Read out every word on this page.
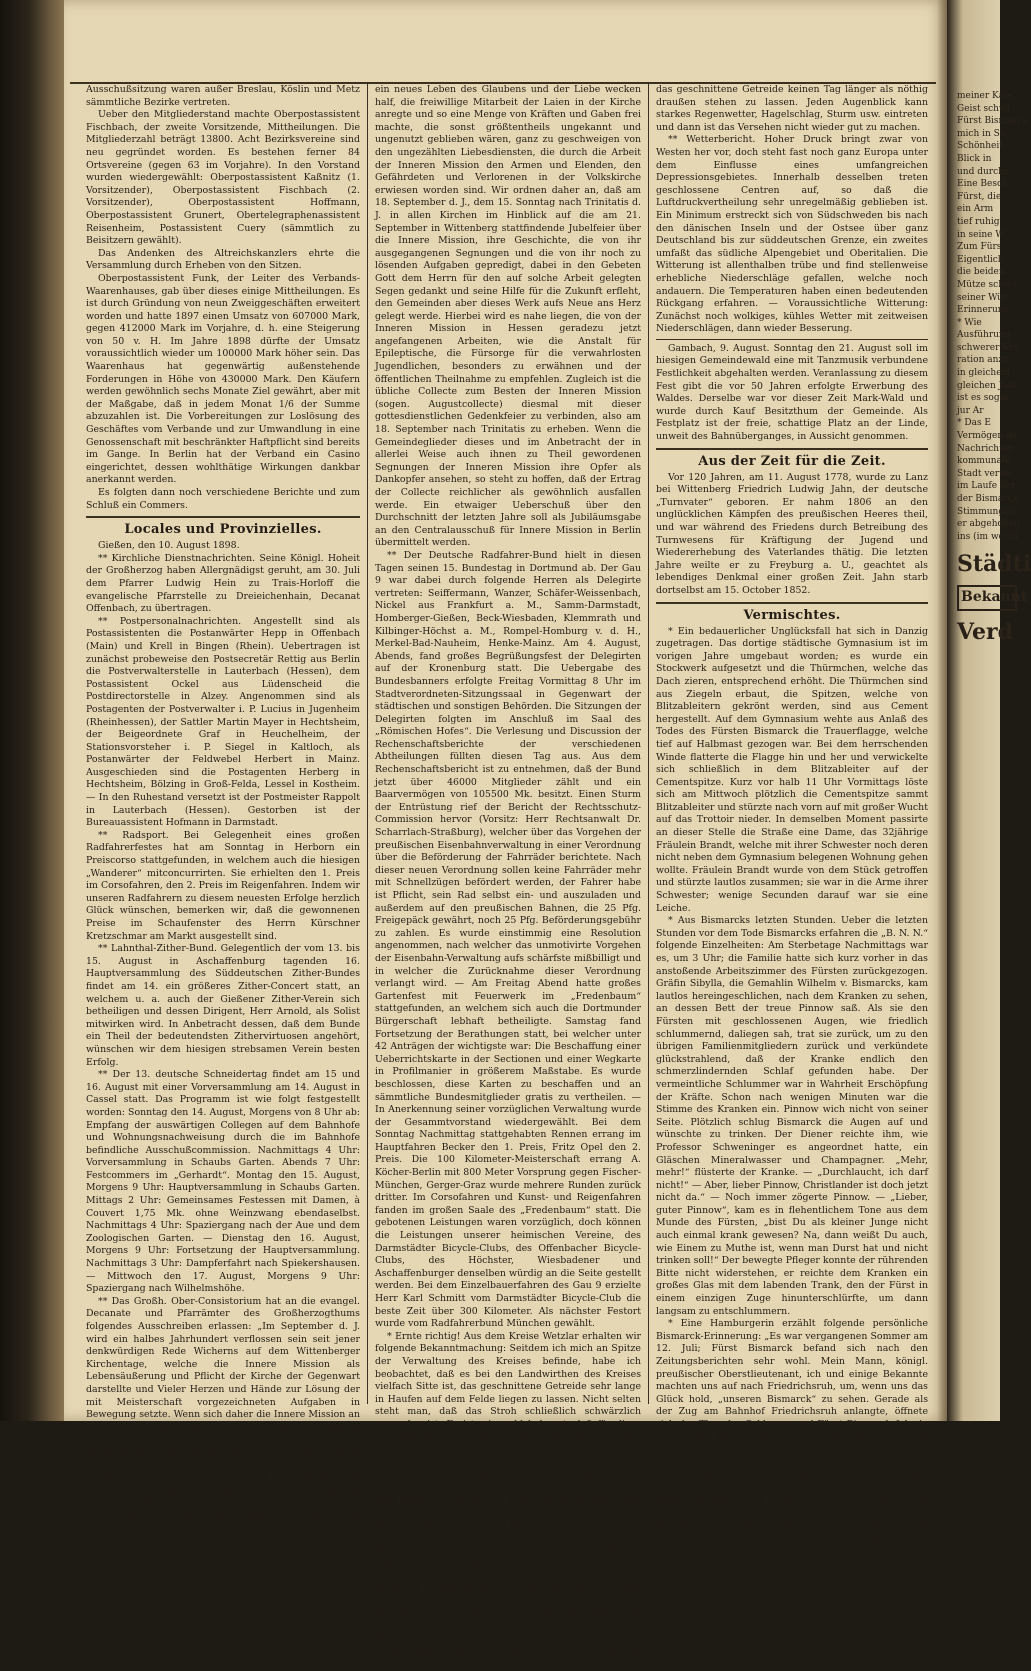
Ausschußsitzung waren außer Breslau, Köslin und Metz sämmtliche Bezirke vertreten.

Ueber den Mitgliederstand machte Oberpostassistent Fischbach, der zweite Vorsitzende, Mittheilungen. Die Mitgliederzahl beträgt 13800. Acht Bezirksvereine sind neu gegründet worden. Es bestehen ferner 84 Ortsvereine (gegen 63 im Vorjahre). In den Vorstand wurden wiedergewählt: Oberpostassistent Kaßnitz (1. Vorsitzender), Oberpostassistent Fischbach (2. Vorsitzender), Oberpostassistent Hoffmann, Oberpostassistent Grunert, Obertelegraphenassistent Reisenheim, Postassistent Cuery (sämmtlich zu Beisitzern gewählt).

Das Andenken des Altreichskanzlers ehrte die Versammlung durch Erheben von den Sitzen.

Oberpostassistent Funk, der Leiter des Verbands-Waarenhauses, gab über dieses einige Mittheilungen. Es ist durch Gründung von neun Zweiggeschäften erweitert worden und hatte 1897 einen Umsatz von 607000 Mark, gegen 412000 Mark im Vorjahre, d. h. eine Steigerung von 50 v. H. Im Jahre 1898 dürfte der Umsatz voraussichtlich wieder um 100000 Mark höher sein. Das Waarenhaus hat gegenwärtig außenstehende Forderungen in Höhe von 430000 Mark. Den Käufern werden gewöhnlich sechs Monate Ziel gewährt, aber mit der Maßgabe, daß in jedem Monat 1/6 der Summe abzuzahlen ist. Die Vorbereitungen zur Loslösung des Geschäftes vom Verbande und zur Umwandlung in eine Genossenschaft mit beschränkter Haftpflicht sind bereits im Gange. In Berlin hat der Verband ein Casino eingerichtet, dessen wohlthätige Wirkungen dankbar anerkannt werden.

Es folgten dann noch verschiedene Berichte und zum Schluß ein Commers.

Locales und Provinzielles.
Gießen, den 10. August 1898.

** Kirchliche Dienstnachrichten. Seine Königl. Hoheit der Großherzog haben Allergnädigst geruht, am 30. Juli dem Pfarrer Ludwig Hein zu Trais-Horloff die evangelische Pfarrstelle zu Dreieichenhain, Decanat Offenbach, zu übertragen.

** Postpersonalnachrichten. Angestellt sind als Postassistenten die Postanwärter Hepp in Offenbach (Main) und Krell in Bingen (Rhein). Uebertragen ist zunächst probeweise den Postsecretär Rettig aus Berlin die Postverwalterstelle in Lauterbach (Hessen), dem Postassistent Ockel aus Lüdenscheid die Postdirectorstelle in Alzey. Angenommen sind als Postagenten der Postverwalter i. P. Lucius in Jugenheim (Rheinhessen), der Sattler Martin Mayer in Hechtsheim, der Beigeordnete Graf in Heuchelheim, der Stationsvorsteher i. P. Siegel in Kaltloch, als Postanwärter der Feldwebel Herbert in Mainz. Ausgeschieden sind die Postagenten Herberg in Hechtsheim, Bölzing in Groß-Felda, Lessel in Kostheim. — In den Ruhestand versetzt ist der Postmeister Rappolt in Lauterbach (Hessen). Gestorben ist der Bureauassistent Hofmann in Darmstadt.

** Radsport. Bei Gelegenheit eines großen Radfahrerfestes hat am Sonntag in Herborn ein Preiscorso stattgefunden, in welchem auch die hiesigen „Wanderer“ mitconcurrirten. Sie erhielten den 1. Preis im Corsofahren, den 2. Preis im Reigenfahren. Indem wir unseren Radfahrern zu diesem neuesten Erfolge herzlich Glück wünschen, bemerken wir, daß die gewonnenen Preise im Schaufenster des Herrn Kürschner Kretzschmar am Markt ausgestellt sind.

** Lahnthal-Zither-Bund. Gelegentlich der vom 13. bis 15. August in Aschaffenburg tagenden 16. Hauptversammlung des Süddeutschen Zither-Bundes findet am 14. ein größeres Zither-Concert statt, an welchem u. a. auch der Gießener Zither-Verein sich betheiligen und dessen Dirigent, Herr Arnold, als Solist mitwirken wird. In Anbetracht dessen, daß dem Bunde ein Theil der bedeutendsten Zithervirtuosen angehört, wünschen wir dem hiesigen strebsamen Verein besten Erfolg.

** Der 13. deutsche Schneidertag findet am 15 und 16. August mit einer Vorversammlung am 14. August in Cassel statt. Das Programm ist wie folgt festgestellt worden: Sonntag den 14. August, Morgens von 8 Uhr ab: Empfang der auswärtigen Collegen auf dem Bahnhofe und Wohnungsnachweisung durch die im Bahnhofe befindliche Ausschußcommission. Nachmittags 4 Uhr: Vorversammlung in Schaubs Garten. Abends 7 Uhr: Festcommers im „Gerhardt“. Montag den 15. August, Morgens 9 Uhr: Hauptversammlung in Schaubs Garten. Mittags 2 Uhr: Gemeinsames Festessen mit Damen, à Couvert 1,75 Mk. ohne Weinzwang ebendaselbst. Nachmittags 4 Uhr: Spaziergang nach der Aue und dem Zoologischen Garten. — Dienstag den 16. August, Morgens 9 Uhr: Fortsetzung der Hauptversammlung. Nachmittags 3 Uhr: Dampferfahrt nach Spiekershausen. — Mittwoch den 17. August, Morgens 9 Uhr: Spaziergang nach Wilhelmshöhe.

** Das Großh. Ober-Consistorium hat an die evangel. Decanate und Pfarrämter des Großherzogthums folgendes Ausschreiben erlassen: „Im September d. J. wird ein halbes Jahrhundert verflossen sein seit jener denkwürdigen Rede Wicherns auf dem Wittenberger Kirchentage, welche die Innere Mission als Lebensäußerung und Pflicht der Kirche der Gegenwart darstellte und Vieler Herzen und Hände zur Lösung der mit Meisterschaft vorgezeichneten Aufgaben in Bewegung setzte. Wenn sich daher die Innere Mission an diesem Gedenktag an ihre unter Gottes gnädigem Beistand und Segen seitdem immer mächtiger erfolgte Ausbreitung und Ausgestaltung anschickt, ihren Jubiläumstag am 21. September d. J. in Wittenberg zu begehen, so will es sich für die evangelischen Landeskirchen gleichfalls geziemen, dieses Tages in feierlicher Weise zu gedenken. Ihnen ist die Innere Mission unstreitig zum großen Segen geworden, indem sie

ein neues Leben des Glaubens und der Liebe wecken half, die freiwillige Mitarbeit der Laien in der Kirche anregte und so eine Menge von Kräften und Gaben frei machte, die sonst größtentheils ungekannt und ungenutzt geblieben wären, ganz zu geschweigen von den ungezählten Liebesdiensten, die durch die Arbeit der Inneren Mission den Armen und Elenden, den Gefährdeten und Verlorenen in der Volkskirche erwiesen worden sind. Wir ordnen daher an, daß am 18. September d. J., dem 15. Sonntag nach Trinitatis d. J. in allen Kirchen im Hinblick auf die am 21. September in Wittenberg stattfindende Jubelfeier über die Innere Mission, ihre Geschichte, die von ihr ausgegangenen Segnungen und die von ihr noch zu lösenden Aufgaben gepredigt, dabei in den Gebeten Gott dem Herrn für den auf solche Arbeit gelegten Segen gedankt und seine Hilfe für die Zukunft erfleht, den Gemeinden aber dieses Werk aufs Neue ans Herz gelegt werde. Hierbei wird es nahe liegen, die von der Inneren Mission in Hessen geradezu jetzt angefangenen Arbeiten, wie die Anstalt für Epileptische, die Fürsorge für die verwahrlosten Jugendlichen, besonders zu erwähnen und der öffentlichen Theilnahme zu empfehlen. Zugleich ist die übliche Collecte zum Besten der Inneren Mission (sogen. Augustcollecte) diesmal mit dieser gottesdienstlichen Gedenkfeier zu verbinden, also am 18. September nach Trinitatis zu erheben. Wenn die Gemeindeglieder dieses und im Anbetracht der in allerlei Weise auch ihnen zu Theil gewordenen Segnungen der Inneren Mission ihre Opfer als Dankopfer ansehen, so steht zu hoffen, daß der Ertrag der Collecte reichlicher als gewöhnlich ausfallen werde. Ein etwaiger Ueberschuß über den Durchschnitt der letzten Jahre soll als Jubiläumsgabe an den Centralausschuß für Innere Mission in Berlin übermittelt werden.

** Der Deutsche Radfahrer-Bund hielt in diesen Tagen seinen 15. Bundestag in Dortmund ab. Der Gau 9 war dabei durch folgende Herren als Delegirte vertreten: Seiffermann, Wanzer, Schäfer-Weissenbach, Nickel aus Frankfurt a. M., Samm-Darmstadt, Homberger-Gießen, Beck-Wiesbaden, Klemmrath und Kilbinger-Höchst a. M., Rompel-Homburg v. d. H., Merkel-Bad-Nauheim, Henke-Mainz. Am 4. August, Abends, fand großes Begrüßungsfest der Delegirten auf der Kronenburg statt. Die Uebergabe des Bundesbanners erfolgte Freitag Vormittag 8 Uhr im Stadtverordneten-Sitzungssaal in Gegenwart der städtischen und sonstigen Behörden. Die Sitzungen der Delegirten folgten im Anschluß im Saal des „Römischen Hofes“. Die Verlesung und Discussion der Rechenschaftsberichte der verschiedenen Abtheilungen füllten diesen Tag aus. Aus dem Rechenschaftsbericht ist zu entnehmen, daß der Bund jetzt über 46000 Mitglieder zählt und ein Baarvermögen von 105500 Mk. besitzt. Einen Sturm der Entrüstung rief der Bericht der Rechtsschutz-Commission hervor (Vorsitz: Herr Rechtsanwalt Dr. Scharrlach-Straßburg), welcher über das Vorgehen der preußischen Eisenbahnverwaltung in einer Verordnung über die Beförderung der Fahrräder berichtete. Nach dieser neuen Verordnung sollen keine Fahrräder mehr mit Schnellzügen befördert werden, der Fahrer habe ist Pflicht, sein Rad selbst ein- und auszuladen und außerdem auf den preußischen Bahnen, die 25 Pfg. Freigepäck gewährt, noch 25 Pfg. Beförderungsgebühr zu zahlen. Es wurde einstimmig eine Resolution angenommen, nach welcher das unmotivirte Vorgehen der Eisenbahn-Verwaltung aufs schärfste mißbilligt und in welcher die Zurücknahme dieser Verordnung verlangt wird. — Am Freitag Abend hatte großes Gartenfest mit Feuerwerk im „Fredenbaum“ stattgefunden, an welchem sich auch die Dortmunder Bürgerschaft lebhaft betheiligte. Samstag fand Fortsetzung der Berathungen statt, bei welcher unter 42 Anträgen der wichtigste war: Die Beschaffung einer Ueberrichtskarte in der Sectionen und einer Wegkarte in Profilmanier in größerem Maßstabe. Es wurde beschlossen, diese Karten zu beschaffen und an sämmtliche Bundesmitglieder gratis zu vertheilen. — In Anerkennung seiner vorzüglichen Verwaltung wurde der Gesammtvorstand wiedergewählt. Bei dem Sonntag Nachmittag stattgehabten Rennen errang im Hauptfahren Becker den 1. Preis, Fritz Opel den 2. Preis. Die 100 Kilometer-Meisterschaft errang A. Köcher-Berlin mit 800 Meter Vorsprung gegen Fischer-München, Gerger-Graz wurde mehrere Runden zurück dritter. Im Corsofahren und Kunst- und Reigenfahren fanden im großen Saale des „Fredenbaum“ statt. Die gebotenen Leistungen waren vorzüglich, doch können die Leistungen unserer heimischen Vereine, des Darmstädter Bicycle-Clubs, des Offenbacher Bicycle-Clubs, des Höchster, Wiesbadener und Aschaffenburger denselben würdig an die Seite gestellt werden. Bei dem Einzelbauerfahren des Gau 9 erzielte Herr Karl Schmitt vom Darmstädter Bicycle-Club die beste Zeit über 300 Kilometer. Als nächster Festort wurde vom Radfahrerbund München gewählt.

* Ernte richtig! Aus dem Kreise Wetzlar erhalten wir folgende Bekanntmachung: Seitdem ich mich an Spitze der Verwaltung des Kreises befinde, habe ich beobachtet, daß es bei den Landwirthen des Kreises vielfach Sitte ist, das geschnittene Getreide sehr lange in Haufen auf dem Felde liegen zu lassen. Nicht selten steht man, daß das Stroh schließlich schwärzlich geworden ist. Es ist mir wohl bekannt, daß für diese Gewohnheit verschiedene Gründe angeführt werden, die aber meist ganz und gar nicht stichhaltig sind. Denn es kann keinem Zweifel unterliegen, daß das Stroh durch dieses Stehenlassen sehr entwerthet wird; es werden aus ihm zu viel Futterstoffe durch Sonne und Regen ausgelaugt, daß der Nährwerth bedeutend herabsinkt. Nicht geringer ist der Schaden an den Körnern. Schon vor der Einerntung und bei dieser selbst fallen die Körner in großer Anzahl aus. Besonders schlimm ist dies, wenn eine anhaltende Regenzeit eintritt, davon zu schweigen, daß die Körner dann auch zu keimen beginnen. Der angebliche Vortheil, daß das Ausdreschen des Getreides nach dem langen Stehen leichter sei, kann gegenüber jenem Schaden doch gar nicht ins Gewicht fallen. Indem ich darauf hinweise, daß in anderen Gegenden mit kleinbäuerlicher Bevölkerung der hiesige Gebrauch längst abgeschafft ist, lege ich jedem Landwirth dringend ans Herz,

das geschnittene Getreide keinen Tag länger als nöthig draußen stehen zu lassen. Jeden Augenblick kann starkes Regenwetter, Hagelschlag, Sturm usw. eintreten und dann ist das Versehen nicht wieder gut zu machen.

** Wetterbericht. Hoher Druck bringt zwar von Westen her vor, doch steht fast noch ganz Europa unter dem Einflusse eines umfangreichen Depressionsgebietes. Innerhalb desselben treten geschlossene Centren auf, so daß die Luftdruckvertheilung sehr unregelmäßig geblieben ist. Ein Minimum erstreckt sich von Südschweden bis nach den dänischen Inseln und der Ostsee über ganz Deutschland bis zur süddeutschen Grenze, ein zweites umfaßt das südliche Alpengebiet und Oberitalien. Die Witterung ist allenthalben trübe und find stellenweise erhebliche Niederschläge gefallen, welche noch andauern. Die Temperaturen haben einen bedeutenden Rückgang erfahren. — Voraussichtliche Witterung: Zunächst noch wolkiges, kühles Wetter mit zeitweisen Niederschlägen, dann wieder Besserung.

Gambach, 9. August. Sonntag den 21. August soll im hiesigen Gemeindewald eine mit Tanzmusik verbundene Festlichkeit abgehalten werden. Veranlassung zu diesem Fest gibt die vor 50 Jahren erfolgte Erwerbung des Waldes. Derselbe war vor dieser Zeit Mark-Wald und wurde durch Kauf Besitzthum der Gemeinde. Als Festplatz ist der freie, schattige Platz an der Linde, unweit des Bahnüberganges, in Aussicht genommen.

Aus der Zeit für die Zeit.

Vor 120 Jahren, am 11. August 1778, wurde zu Lanz bei Wittenberg Friedrich Ludwig Jahn, der deutsche „Turnvater“ geboren. Er nahm 1806 an den unglücklichen Kämpfen des preußischen Heeres theil, und war während des Friedens durch Betreibung des Turnwesens für Kräftigung der Jugend und Wiedererhebung des Vaterlandes thätig. Die letzten Jahre weilte er zu Freyburg a. U., geachtet als lebendiges Denkmal einer großen Zeit. Jahn starb dortselbst am 15. October 1852.

Vermischtes.

* Ein bedauerlicher Unglücksfall hat sich in Danzig zugetragen. Das dortige städtische Gymnasium ist im vorigen Jahre umgebaut worden; es wurde ein Stockwerk aufgesetzt und die Thürmchen, welche das Dach zieren, entsprechend erhöht. Die Thürmchen sind aus Ziegeln erbaut, die Spitzen, welche von Blitzableitern gekrönt werden, sind aus Cement hergestellt. Auf dem Gymnasium wehte aus Anlaß des Todes des Fürsten Bismarck die Trauerflagge, welche tief auf Halbmast gezogen war. Bei dem herrschenden Winde flatterte die Flagge hin und her und verwickelte sich schließlich in dem Blitzableiter auf der Cementspitze. Kurz vor halb 11 Uhr Vormittags löste sich am Mittwoch plötzlich die Cementspitze sammt Blitzableiter und stürzte nach vorn auf mit großer Wucht auf das Trottoir nieder. In demselben Moment passirte an dieser Stelle die Straße eine Dame, das 32jährige Fräulein Brandt, welche mit ihrer Schwester noch deren nicht neben dem Gymnasium belegenen Wohnung gehen wollte. Fräulein Brandt wurde von dem Stück getroffen und stürzte lautlos zusammen; sie war in die Arme ihrer Schwester; wenige Secunden darauf war sie eine Leiche.

* Aus Bismarcks letzten Stunden. Ueber die letzten Stunden vor dem Tode Bismarcks erfahren die „B. N. N.“ folgende Einzelheiten: Am Sterbetage Nachmittags war es, um 3 Uhr; die Familie hatte sich kurz vorher in das anstoßende Arbeitszimmer des Fürsten zurückgezogen. Gräfin Sibylla, die Gemahlin Wilhelm v. Bismarcks, kam lautlos hereingeschlichen, nach dem Kranken zu sehen, an dessen Bett der treue Pinnow saß. Als sie den Fürsten mit geschlossenen Augen, wie friedlich schlummernd, daliegen sah, trat sie zurück, um zu den übrigen Familienmitgliedern zurück und verkündete glückstrahlend, daß der Kranke endlich den schmerzlindernden Schlaf gefunden habe. Der vermeintliche Schlummer war in Wahrheit Erschöpfung der Kräfte. Schon nach wenigen Minuten war die Stimme des Kranken ein. Pinnow wich nicht von seiner Seite. Plötzlich schlug Bismarck die Augen auf und wünschte zu trinken. Der Diener reichte ihm, wie Professor Schweninger es angeordnet hatte, ein Gläschen Mineralwasser und Champagner. „Mehr, mehr!“ flüsterte der Kranke. — „Durchlaucht, ich darf nicht!“ — Aber, lieber Pinnow, Christlander ist doch jetzt nicht da.“ — Noch immer zögerte Pinnow. — „Lieber, guter Pinnow“, kam es in flehentlichem Tone aus dem Munde des Fürsten, „bist Du als kleiner Junge nicht auch einmal krank gewesen? Na, dann weißt Du auch, wie Einem zu Muthe ist, wenn man Durst hat und nicht trinken soll!“ Der bewegte Pfleger konnte der rührenden Bitte nicht widerstehen, er reichte dem Kranken ein großes Glas mit dem labenden Trank, den der Fürst in einem einzigen Zuge hinunterschlürfte, um dann langsam zu entschlummern.

* Eine Hamburgerin erzählt folgende persönliche Bismarck-Erinnerung: „Es war vergangenen Sommer am 12. Juli; Fürst Bismarck befand sich nach den Zeitungsberichten sehr wohl. Mein Mann, königl. preußischer Oberstlieutenant, ich und einige Bekannte machten uns auf nach Friedrichsruh, um, wenn uns das Glück hold, „unseren Bismarck“ zu sehen. Gerade als der Zug am Bahnhof Friedrichsruh anlangte, öffnete sich das Thor des Schlosses und Fürst Bismarck fuhr in seinen Wald. Wir erhaschten nur noch einen Gruß. Nun hieß es warten, bis des Fürsten Fahrt beendet, was in zwei Stunden, wie uns gesagt wurde, der Fall sein würde. Viele Menschen, wie ja stets, warteten auf das Wiedererscheinen des Altverehrten, die Damen mit Blumensträußen und die Herren mit photographischen Apparaten. Ich hatte nichts, als nur meine grenzenlose Erwartung und meine Sehnsucht, mein Ideal einen deutschen Mannes so recht nah von Angesicht zu Angesicht sehen zu können. In

meiner Käfe
Geist schwi
Fürst Bismarck
mich in Sh
Schönheit.
Blick in
und durchs
Eine Besch
Fürst, die
ein Arm
tief ruhig
in seine W
Zum Fürs
Eigentlich
die beiden
Mütze schwe
seiner Wür
Erinnerung
* Wie
Ausführung
schwerer Krx
ration anzu
in gleichem
gleichen Jahr
ist es sogar
jur Ar
* Das E
Vermögen de
Nachrichten
kommunale
Stadt verwa
im Laufe der
der Bismarck
Stimmungen
er abgehoben
ins (im wörtli
Städti
Bekannt
Verd
